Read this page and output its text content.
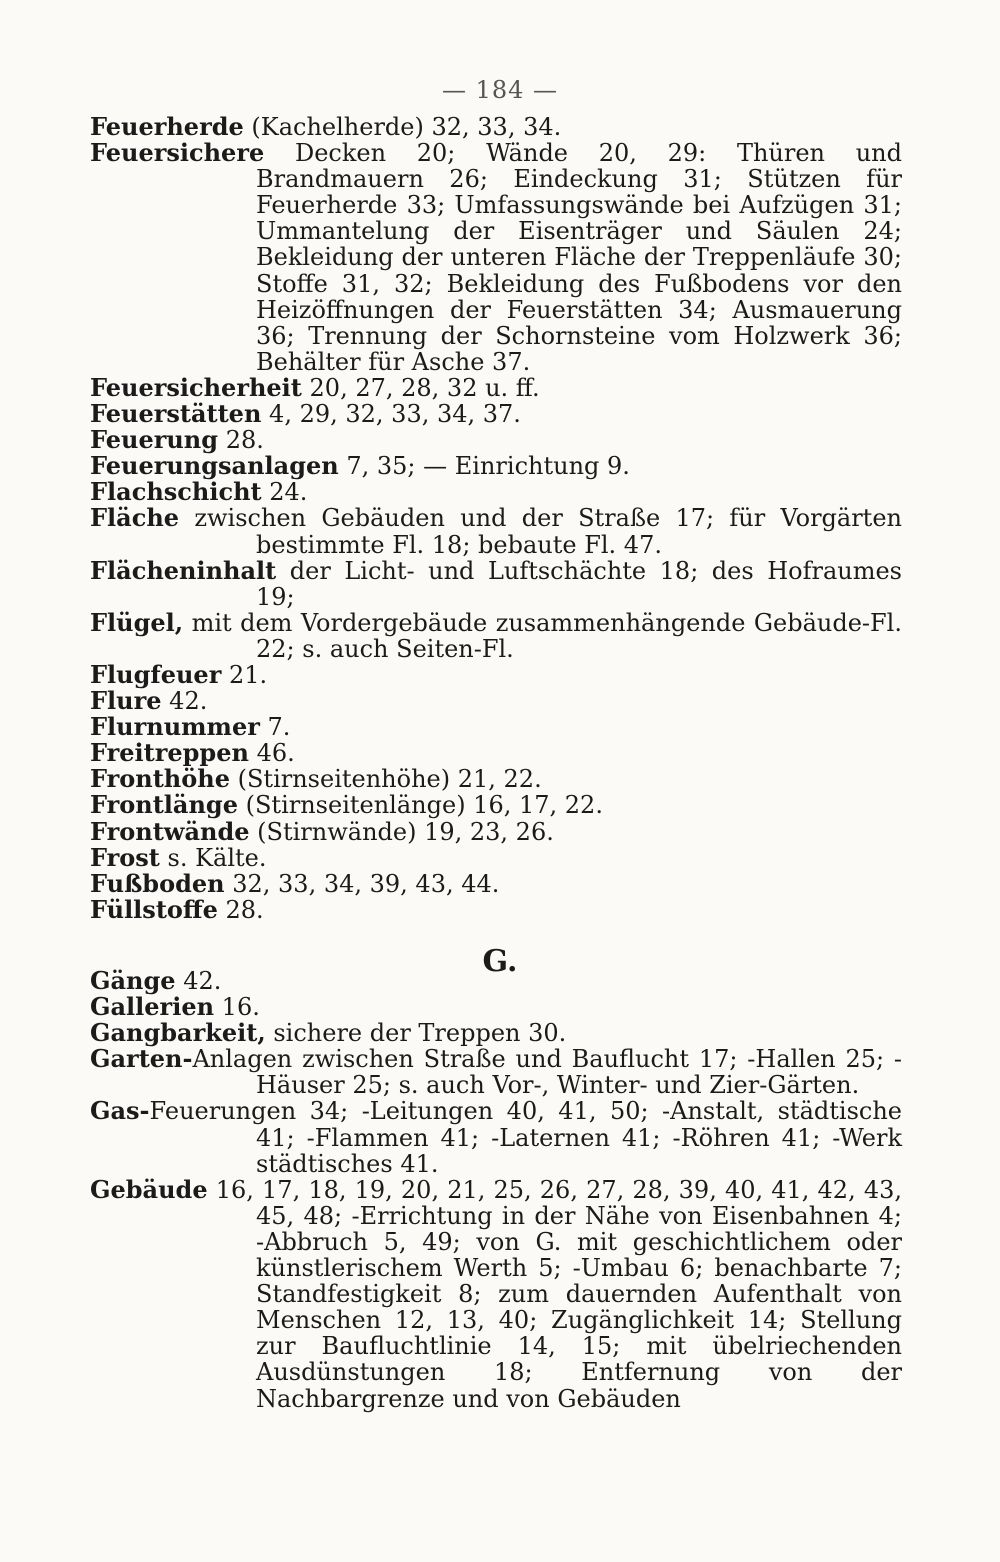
— 184 —

Feuerherde (Kachelherde) 32, 33, 34.

Feuersichere Decken 20; Wände 20, 29: Thüren und Brandmauern 26; Eindeckung 31; Stützen für Feuerherde 33; Umfassungswände bei Aufzügen 31; Ummantelung der Eisenträger und Säulen 24; Bekleidung der unteren Fläche der Treppenläufe 30; Stoffe 31, 32; Bekleidung des Fußbodens vor den Heizöffnungen der Feuerstätten 34; Ausmauerung 36; Trennung der Schornsteine vom Holzwerk 36; Behälter für Asche 37.

Feuersicherheit 20, 27, 28, 32 u. ff.

Feuerstätten 4, 29, 32, 33, 34, 37.

Feuerung 28.

Feuerungsanlagen 7, 35; — Einrichtung 9.

Flachschicht 24.

Fläche zwischen Gebäuden und der Straße 17; für Vorgärten bestimmte Fl. 18; bebaute Fl. 47.

Flächeninhalt der Licht- und Luftschächte 18; des Hofraumes 19;

Flügel, mit dem Vordergebäude zusammenhängende Gebäude-Fl. 22; s. auch Seiten-Fl.

Flugfeuer 21.

Flure 42.

Flurnummer 7.

Freitreppen 46.

Fronthöhe (Stirnseitenhöhe) 21, 22.

Frontlänge (Stirnseitenlänge) 16, 17, 22.

Frontwände (Stirnwände) 19, 23, 26.

Frost s. Kälte.

Fußboden 32, 33, 34, 39, 43, 44.

Füllstoffe 28.

G.

Gänge 42.

Gallerien 16.

Gangbarkeit, sichere der Treppen 30.

Garten-Anlagen zwischen Straße und Baufluсht 17; -Hallen 25; -Häuser 25; s. auch Vor-, Winter- und Zier-Gärten.

Gas-Feuerungen 34; -Leitungen 40, 41, 50; -Anstalt, städtische 41; -Flammen 41; -Laternen 41; -Röhren 41; -Werk städtisches 41.

Gebäude 16, 17, 18, 19, 20, 21, 25, 26, 27, 28, 39, 40, 41, 42, 43, 45, 48; -Errichtung in der Nähe von Eisenbahnen 4; -Abbruch 5, 49; von G. mit geschichtlichem oder künstlerischem Werth 5; -Umbau 6; benachbarte 7; Standfestigkeit 8; zum dauernden Aufenthalt von Menschen 12, 13, 40; Zugänglichkeit 14; Stellung zur Baufluchtlinie 14, 15; mit übelriechenden Ausdünstungen 18; Entfernung von der Nachbargrenze und von Gebäuden
